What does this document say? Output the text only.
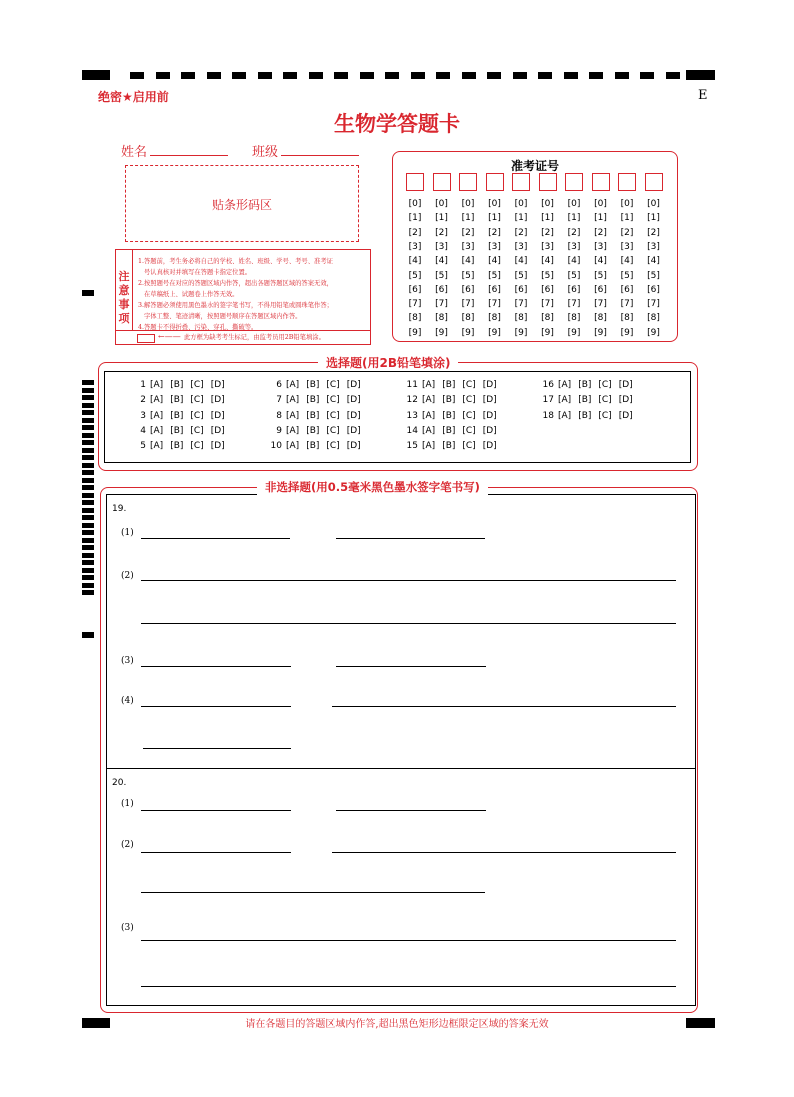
绝密★启用前	E
生物学答题卡
姓名	班级
贴条形码区
注
意
事
项
1.答题前，考生务必将自己的学校、姓名、班级、学号、考号、准考证
号认真核对并填写在答题卡指定位置。
2.按照题号在对应的答题区域内作答，超出各题答题区域的答案无效，
在草稿纸上、试题卷上作答无效。
3.解答题必须使用黑色墨水的签字笔书写，不得用铅笔或圆珠笔作答；
字体工整、笔迹清晰，按照题号顺序在答题区域内作答。
4.答题卡不得折叠、污染、穿孔、撕破等。
←—— 此方框为缺考考生标记，由监考员用2B铅笔填涂。
准考证号
[0]
[1]
[2]
[3]
[4]
[5]
[6]
[7]
[8]
[9]
[0]
[1]
[2]
[3]
[4]
[5]
[6]
[7]
[8]
[9]
[0]
[1]
[2]
[3]
[4]
[5]
[6]
[7]
[8]
[9]
[0]
[1]
[2]
[3]
[4]
[5]
[6]
[7]
[8]
[9]
[0]
[1]
[2]
[3]
[4]
[5]
[6]
[7]
[8]
[9]
[0]
[1]
[2]
[3]
[4]
[5]
[6]
[7]
[8]
[9]
[0]
[1]
[2]
[3]
[4]
[5]
[6]
[7]
[8]
[9]
[0]
[1]
[2]
[3]
[4]
[5]
[6]
[7]
[8]
[9]
[0]
[1]
[2]
[3]
[4]
[5]
[6]
[7]
[8]
[9]
[0]
[1]
[2]
[3]
[4]
[5]
[6]
[7]
[8]
[9]
选择题(用2B铅笔填涂)
1 [A] [B] [C] [D]
2 [A] [B] [C] [D]
3 [A] [B] [C] [D]
4 [A] [B] [C] [D]
5 [A] [B] [C] [D]
6 [A] [B] [C] [D]
7 [A] [B] [C] [D]
8 [A] [B] [C] [D]
9 [A] [B] [C] [D]
10 [A] [B] [C] [D]
11 [A] [B] [C] [D]
12 [A] [B] [C] [D]
13 [A] [B] [C] [D]
14 [A] [B] [C] [D]
15 [A] [B] [C] [D]
16 [A] [B] [C] [D]
17 [A] [B] [C] [D]
18 [A] [B] [C] [D]
非选择题(用0.5毫米黑色墨水签字笔书写)
19.
(1)
(2)
(3)
(4)
20.
(1)
(2)
(3)
请在各题目的答题区域内作答,超出黑色矩形边框限定区域的答案无效
